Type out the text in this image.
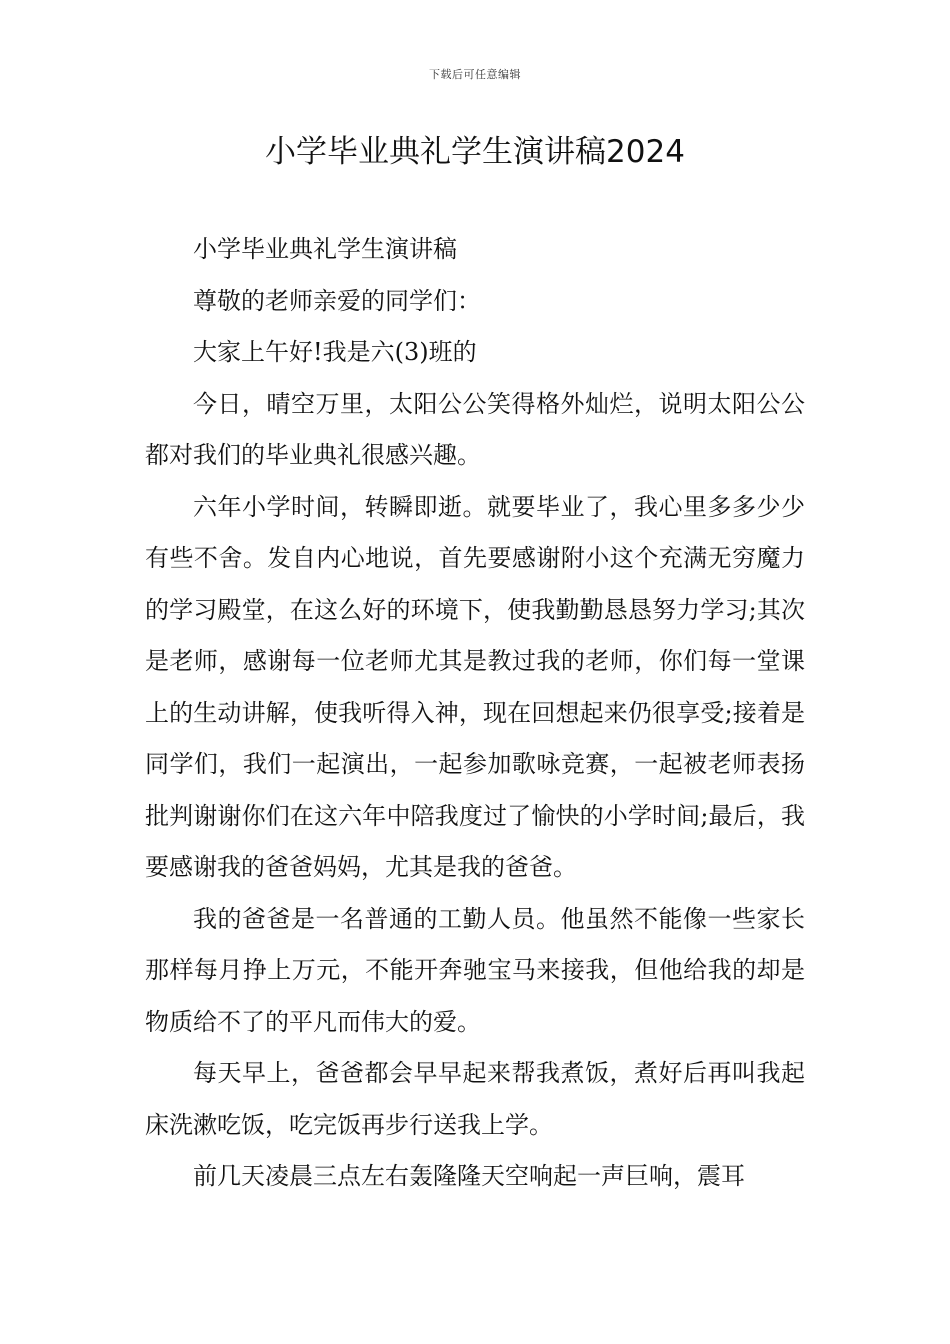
下载后可任意编辑
小学毕业典礼学生演讲稿2024

小学毕业典礼学生演讲稿

尊敬的老师亲爱的同学们：

大家上午好!我是六(3)班的

今日，晴空万里，太阳公公笑得格外灿烂，说明太阳公公都对我们的毕业典礼很感兴趣。

六年小学时间，转瞬即逝。就要毕业了，我心里多多少少有些不舍。发自内心地说，首先要感谢附小这个充满无穷魔力的学习殿堂，在这么好的环境下，使我勤勤恳恳努力学习;其次是老师，感谢每一位老师尤其是教过我的老师，你们每一堂课上的生动讲解，使我听得入神，现在回想起来仍很享受;接着是同学们，我们一起演出，一起参加歌咏竞赛，一起被老师表扬批判谢谢你们在这六年中陪我度过了愉快的小学时间;最后，我要感谢我的爸爸妈妈，尤其是我的爸爸。

我的爸爸是一名普通的工勤人员。他虽然不能像一些家长那样每月挣上万元，不能开奔驰宝马来接我，但他给我的却是物质给不了的平凡而伟大的爱。

每天早上，爸爸都会早早起来帮我煮饭，煮好后再叫我起床洗漱吃饭，吃完饭再步行送我上学。

前几天凌晨三点左右轰隆隆天空响起一声巨响，震耳
